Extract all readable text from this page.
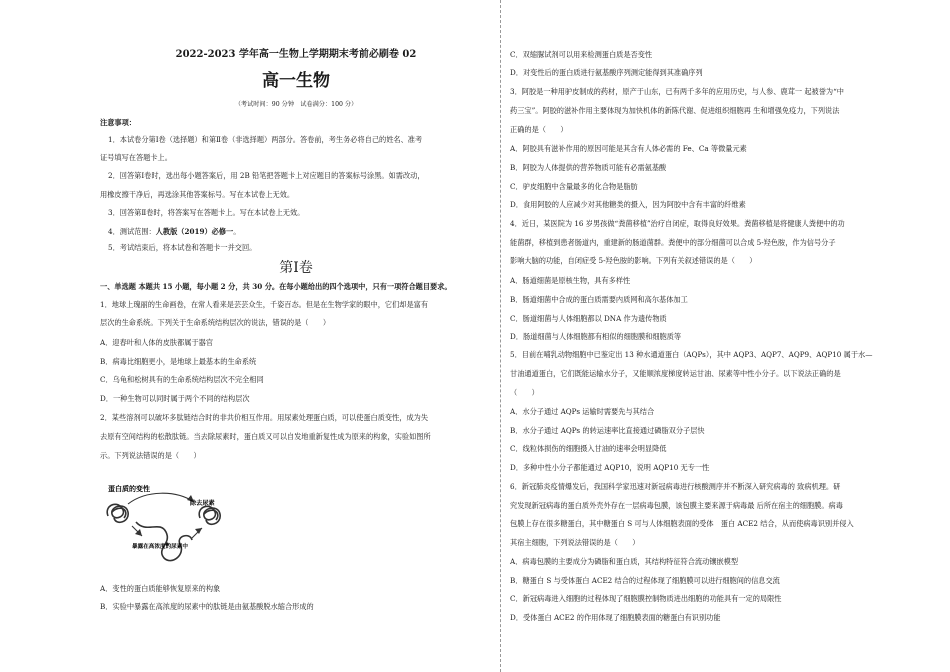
2022-2023 学年高一生物上学期期末考前必刷卷 02

高一生物

（考试时间：90 分钟　试卷满分：100 分）

注意事项：

1．本试卷分第Ⅰ卷（选择题）和第Ⅱ卷（非选择题）两部分。答卷前，考生务必将自己的姓名、准考

证号填写在答题卡上。

2．回答第Ⅰ卷时，选出每小题答案后，用 2B 铅笔把答题卡上对应题目的答案标号涂黑。如需改动，

用橡皮擦干净后，再选涂其他答案标号。写在本试卷上无效。

3．回答第Ⅱ卷时，将答案写在答题卡上。写在本试卷上无效。

4．测试范围：人教版（2019）必修一。

5．考试结束后，将本试卷和答题卡一并交回。

第Ⅰ卷

一、单选题 本题共 15 小题，每小题 2 分，共 30 分。在每小题给出的四个选项中，只有一项符合题目要求。

1．地球上瑰丽的生命画卷，在常人看来是芸芸众生，千姿百态。但是在生物学家的眼中，它们却是富有

层次的生命系统。下列关于生命系统结构层次的说法，错误的是（　　）

A．迎春叶和人体的皮肤都属于器官

B．病毒比细胞更小，是地球上最基本的生命系统

C．乌龟和松树具有的生命系统结构层次不完全相同

D．一种生物可以同时属于两个不同的结构层次

2．某些溶剂可以破坏多肽链结合时的非共价相互作用。用尿素处理蛋白质，可以使蛋白质变性，成为失

去原有空间结构的松散肽链。当去除尿素时，蛋白质又可以自发地重新复性成为原来的构象，实验如图所

示。下列说法错误的是（　　）

蛋白质的变性
除去尿素
暴露在高浓度的尿素中

A．变性的蛋白质能够恢复原来的构象

B．实验中暴露在高浓度的尿素中的肽链是由氨基酸脱水缩合形成的

C．双缩脲试剂可以用来检测蛋白质是否变性

D．对变性后的蛋白质进行氨基酸序列测定能得到其准确序列

3．阿胶是一种用驴皮制成的药材，原产于山东，已有两千多年的应用历史，与人参、鹿茸一 起被誉为“中

药三宝”。阿胶的滋补作用主要体现为加快机体的新陈代谢、促进组织细胞再 生和增强免疫力，下列说法

正确的是（　　）

A．阿胶具有滋补作用的原因可能是其含有人体必需的 Fe、Ca 等微量元素

B．阿胶为人体提供的营养物质可能有必需氨基酸

C．驴皮细胞中含量最多的化合物是脂肪

D．食用阿胶的人应减少对其他糖类的摄入，因为阿胶中含有丰富的纤维素

4．近日，某医院为 16 岁男孩做“粪菌移植”治疗自闭症，取得良好效果。粪菌移植是将健康人粪便中的功

能菌群，移植到患者肠道内，重建新的肠道菌群。粪便中的部分细菌可以合成 5-羟色胺，作为信号分子

影响大脑的功能，自闭症受 5-羟色胺的影响。下列有关叙述错误的是（　　）

A．肠道细菌是原核生物，具有多样性

B．肠道细菌中合成的蛋白质需要内质网和高尔基体加工

C．肠道细菌与人体细胞都以 DNA 作为遗传物质

D．肠道细菌与人体细胞都有相似的细胞膜和细胞质等

5．目前在哺乳动物细胞中已鉴定出 13 种水通道蛋白（AQPs），其中 AQP3、AQP7、AQP9、AQP10 属于水—

甘油通道蛋白，它们既能运输水分子，又能顺浓度梯度转运甘油、尿素等中性小分子。以下说法正确的是

（　　）

A．水分子通过 AQPs 运输时需要先与其结合

B．水分子通过 AQPs 的转运速率比直接通过磷脂双分子层快

C．线粒体损伤的细胞摄入甘油的速率会明显降低

D．多种中性小分子都能通过 AQP10，说明 AQP10 无专一性

6．新冠肺炎疫情爆发后，我国科学家迅速对新冠病毒进行核酸测序并不断深入研究病毒的 致病机理。研

究发现新冠病毒的蛋白质外壳外存在一层病毒包膜，该包膜主要来源于病毒最 后所在宿主的细胞膜。病毒

包膜上存在很多糖蛋白，其中糖蛋白 S 可与人体细胞表面的受体　蛋白 ACE2 结合，从而使病毒识别并侵入

其宿主细胞，下列说法错误的是（　　）

A．病毒包膜的主要成分为磷脂和蛋白质，其结构特征符合流动镶嵌模型

B．糖蛋白 S 与受体蛋白 ACE2 结合的过程体现了细胞膜可以进行细胞间的信息交流

C．新冠病毒进入细胞的过程体现了细胞膜控制物质进出细胞的功能具有一定的局限性

D．受体蛋白 ACE2 的作用体现了细胞膜表面的糖蛋白有识别功能
